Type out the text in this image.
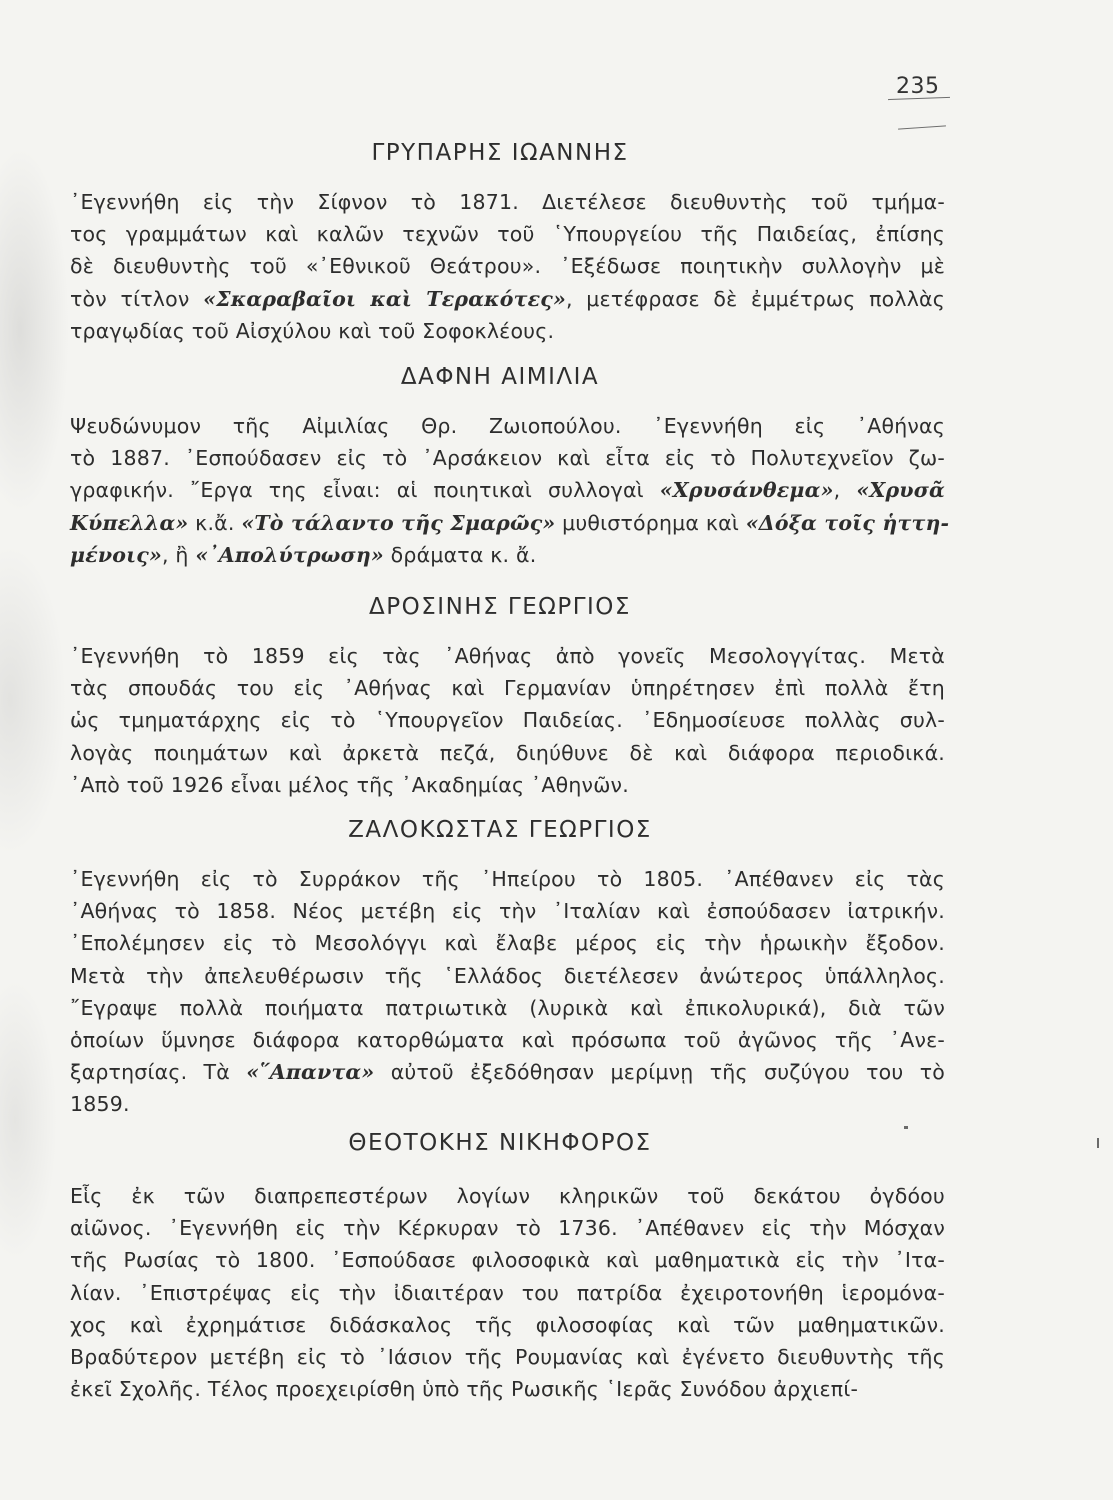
235
ΓΡΥΠΑΡΗΣ ΙΩΑΝΝΗΣ
᾿Εγεννήθη εἰς τὴν Σίφνον τὸ 1871. Διετέλεσε διευθυντὴς τοῦ τμήμα-
τος γραμμάτων καὶ καλῶν τεχνῶν τοῦ ῾Υπουργείου τῆς Παιδείας, ἐπίσης
δὲ διευθυντὴς τοῦ «᾿Εθνικοῦ Θεάτρου». ᾿Εξέδωσε ποιητικὴν συλλογὴν μὲ
τὸν τίτλον «Σκαραβαῖοι καὶ Τερακότες», μετέφρασε δὲ ἐμμέτρως πολλὰς
τραγῳδίας τοῦ Αἰσχύλου καὶ τοῦ Σοφοκλέους.
ΔΑΦΝΗ ΑΙΜΙΛΙΑ
Ψευδώνυμον τῆς Αἰμιλίας Θρ. Ζωιοπούλου. ᾿Εγεννήθη εἰς ᾿Αθήνας
τὸ 1887. ᾿Εσπούδασεν εἰς τὸ ᾿Αρσάκειον καὶ εἶτα εἰς τὸ Πολυτεχνεῖον ζω-
γραφικήν. ῎Εργα της εἶναι: αἱ ποιητικαὶ συλλογαὶ «Χρυσάνθεμα», «Χρυσᾶ
Κύπελλα» κ.ἄ. «Τὸ τάλαντο τῆς Σμαρῶς» μυθιστόρημα καὶ «Δόξα τοῖς ἡττη-
μένοις», ἢ «᾿Απολύτρωση» δράματα κ. ἄ.
ΔΡΟΣΙΝΗΣ ΓΕΩΡΓΙΟΣ
᾿Εγεννήθη τὸ 1859 εἰς τὰς ᾿Αθήνας ἀπὸ γονεῖς Μεσολογγίτας. Μετὰ
τὰς σπουδάς του εἰς ᾿Αθήνας καὶ Γερμανίαν ὑπηρέτησεν ἐπὶ πολλὰ ἔτη
ὡς τμηματάρχης εἰς τὸ ῾Υπουργεῖον Παιδείας. ᾿Εδημοσίευσε πολλὰς συλ-
λογὰς ποιημάτων καὶ ἀρκετὰ πεζά, διηύθυνε δὲ καὶ διάφορα περιοδικά.
᾿Απὸ τοῦ 1926 εἶναι μέλος τῆς ᾿Ακαδημίας ᾿Αθηνῶν.
ΖΑΛΟΚΩΣΤΑΣ ΓΕΩΡΓΙΟΣ
᾿Εγεννήθη εἰς τὸ Συρράκον τῆς ᾿Ηπείρου τὸ 1805. ᾿Απέθανεν εἰς τὰς
᾿Αθήνας τὸ 1858. Νέος μετέβη εἰς τὴν ᾿Ιταλίαν καὶ ἐσπούδασεν ἰατρικήν.
᾿Επολέμησεν εἰς τὸ Μεσολόγγι καὶ ἔλαβε μέρος εἰς τὴν ἡρωικὴν ἔξοδον.
Μετὰ τὴν ἀπελευθέρωσιν τῆς ῾Ελλάδος διετέλεσεν ἀνώτερος ὑπάλληλος.
῎Εγραψε πολλὰ ποιήματα πατριωτικὰ (λυρικὰ καὶ ἐπικολυρικά), διὰ τῶν
ὁποίων ὕμνησε διάφορα κατορθώματα καὶ πρόσωπα τοῦ ἀγῶνος τῆς ᾿Ανε-
ξαρτησίας. Τὰ «῞Απαντα» αὐτοῦ ἐξεδόθησαν μερίμνῃ τῆς συζύγου του τὸ
1859.
ΘΕΟΤΟΚΗΣ ΝΙΚΗΦΟΡΟΣ
Εἷς ἐκ τῶν διαπρεπεστέρων λογίων κληρικῶν τοῦ δεκάτου ὀγδόου
αἰῶνος. ᾿Εγεννήθη εἰς τὴν Κέρκυραν τὸ 1736. ᾿Απέθανεν εἰς τὴν Μόσχαν
τῆς Ρωσίας τὸ 1800. ᾿Εσπούδασε φιλοσοφικὰ καὶ μαθηματικὰ εἰς τὴν ᾿Ιτα-
λίαν. ᾿Επιστρέψας εἰς τὴν ἰδιαιτέραν του πατρίδα ἐχειροτονήθη ἱερομόνα-
χος καὶ ἐχρημάτισε διδάσκαλος τῆς φιλοσοφίας καὶ τῶν μαθηματικῶν.
Βραδύτερον μετέβη εἰς τὸ ᾿Ιάσιον τῆς Ρουμανίας καὶ ἐγένετο διευθυντὴς τῆς
ἐκεῖ Σχολῆς. Τέλος προεχειρίσθη ὑπὸ τῆς Ρωσικῆς ῾Ιερᾶς Συνόδου ἀρχιεπί-
